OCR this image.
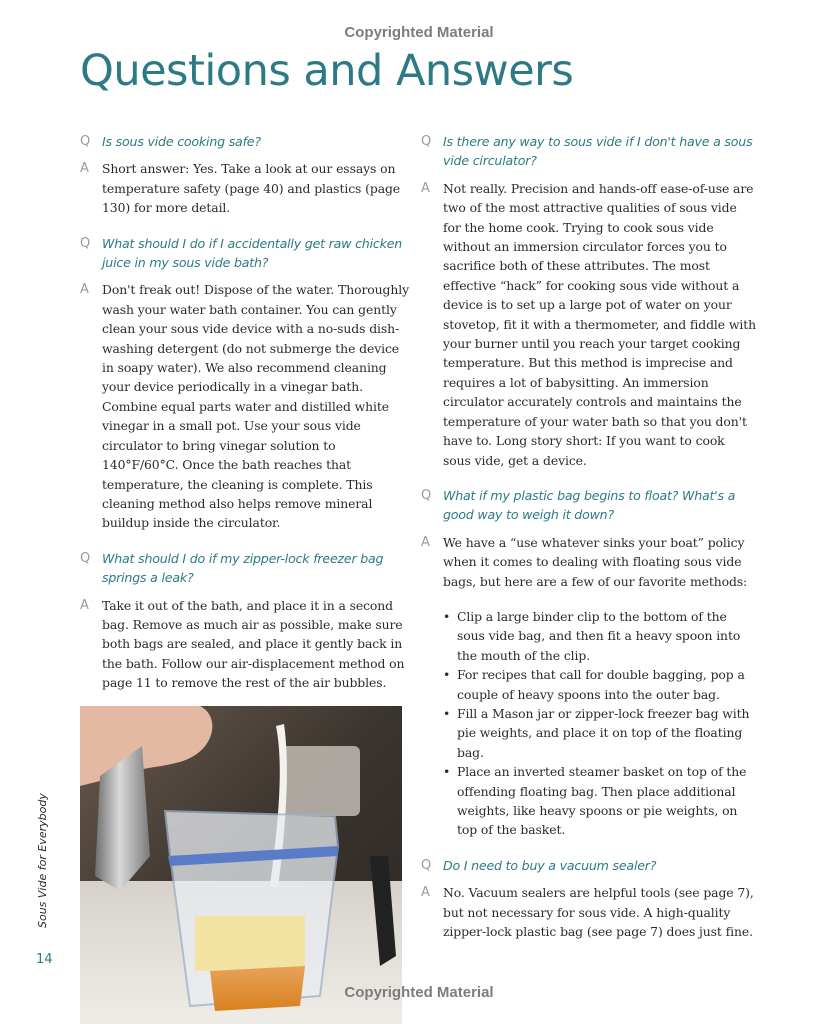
Copyrighted Material
Questions and Answers
Q Is sous vide cooking safe?
A	Short answer: Yes. Take a look at our essays on temperature safety (page 40) and plastics (page 130) for more detail.
Q What should I do if I accidentally get raw chicken juice in my sous vide bath?
A	Don't freak out! Dispose of the water. Thoroughly wash your water bath container. You can gently clean your sous vide device with a no-suds dish-washing detergent (do not submerge the device in soapy water). We also recommend cleaning your device periodically in a vinegar bath. Combine equal parts water and distilled white vinegar in a small pot. Use your sous vide circulator to bring vinegar solution to 140°F/60°C. Once the bath reaches that temperature, the cleaning is complete. This cleaning method also helps remove mineral buildup inside the circulator.
Q What should I do if my zipper-lock freezer bag springs a leak?
A	Take it out of the bath, and place it in a second bag. Remove as much air as possible, make sure both bags are sealed, and place it gently back in the bath. Follow our air-displacement method on page 11 to remove the rest of the air bubbles.
Q Is there any way to sous vide if I don't have a sous vide circulator?
A	Not really. Precision and hands-off ease-of-use are two of the most attractive qualities of sous vide for the home cook. Trying to cook sous vide without an immersion circulator forces you to sacrifice both of these attributes. The most effective “hack” for cooking sous vide without a device is to set up a large pot of water on your stovetop, fit it with a thermometer, and fiddle with your burner until you reach your target cooking temperature. But this method is imprecise and requires a lot of babysitting. An immersion circulator accurately controls and maintains the temperature of your water bath so that you don't have to. Long story short: If you want to cook sous vide, get a device.
Q What if my plastic bag begins to float? What's a good way to weigh it down?
A	We have a “use whatever sinks your boat” policy when it comes to dealing with floating sous vide bags, but here are a few of our favorite methods:
• Clip a large binder clip to the bottom of the sous vide bag, and then fit a heavy spoon into the mouth of the clip.
• For recipes that call for double bagging, pop a couple of heavy spoons into the outer bag.
• Fill a Mason jar or zipper-lock freezer bag with pie weights, and place it on top of the floating bag.
• Place an inverted steamer basket on top of the offending floating bag. Then place additional weights, like heavy spoons or pie weights, on top of the basket.
Q Do I need to buy a vacuum sealer?
A	No. Vacuum sealers are helpful tools (see page 7), but not necessary for sous vide. A high-quality zipper-lock plastic bag (see page 7) does just fine.
Sous Vide for Everybody
14
Copyrighted Material
